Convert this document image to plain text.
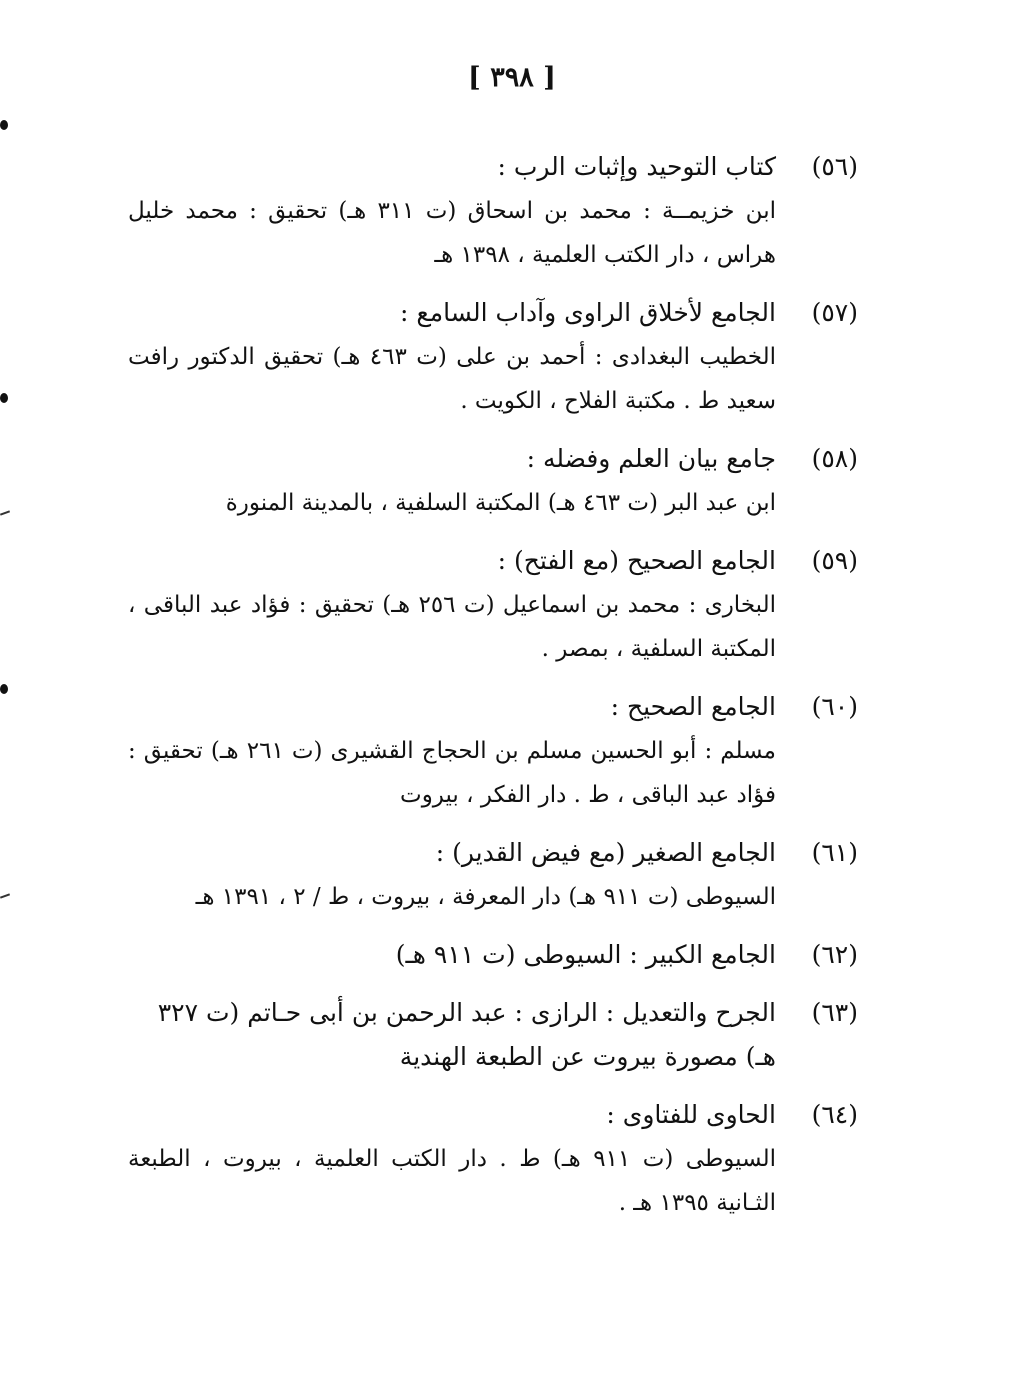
[ ٣٩٨ ]
(٥٦)
كتاب التوحيد وإثبات الرب :
ابن خزيمــة : محمد بن اسحاق (ت ٣١١ هـ) تحقيق : محمد خليل هراس ، دار الكتب العلمية ، ١٣٩٨ هـ
(٥٧)
الجامع لأخلاق الراوى وآداب السامع :
الخطيب البغدادى : أحمد بن على (ت ٤٦٣ هـ) تحقيق الدكتور رافت سعيد ط . مكتبة الفلاح ، الكويت .
(٥٨)
جامع بيان العلم وفضله :
ابن عبد البر (ت ٤٦٣ هـ) المكتبة السلفية ، بالمدينة المنورة
(٥٩)
الجامع الصحيح (مع الفتح) :
البخارى : محمد بن اسماعيل (ت ٢٥٦ هـ) تحقيق : فؤاد عبد الباقى ، المكتبة السلفية ، بمصر .
(٦٠)
الجامع الصحيح :
مسلم : أبو الحسين مسلم بن الحجاج القشيرى (ت ٢٦١ هـ) تحقيق : فؤاد عبد الباقى ، ط . دار الفكر ، بيروت
(٦١)
الجامع الصغير (مع فيض القدير) :
السيوطى (ت ٩١١ هـ) دار المعرفة ، بيروت ، ط / ٢ ، ١٣٩١ هـ
(٦٢)
الجامع الكبير : السيوطى (ت ٩١١ هـ)
(٦٣)
الجرح والتعديل : الرازى : عبد الرحمن بن أبى حـاتم (ت ٣٢٧ هـ) مصورة بيروت عن الطبعة الهندية
(٦٤)
الحاوى للفتاوى :
السيوطى (ت ٩١١ هـ) ط . دار الكتب العلمية ، بيروت ، الطبعة الثـانية ١٣٩٥ هـ .
